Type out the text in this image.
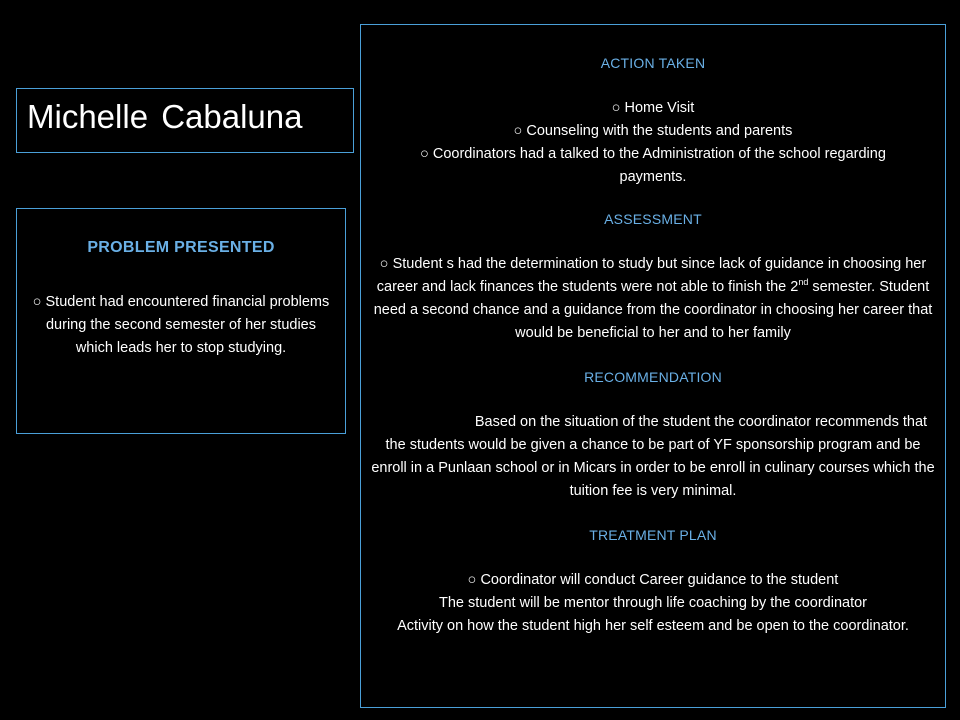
Michelle Cabaluna
PROBLEM PRESENTED
○ Student had encountered financial problems during the second semester of her studies which leads her to stop studying.
ACTION TAKEN
○ Home Visit
○ Counseling with the students and parents
○ Coordinators had a talked to the Administration of the school regarding payments.
ASSESSMENT
○ Student s had the determination to study but since lack of guidance in choosing her career and lack finances the students were not able to finish the 2nd semester. Student need a second chance and a guidance from the coordinator in choosing her career that would be beneficial to her and to her family
RECOMMENDATION
Based on the situation of the student the coordinator recommends that the students would be given a chance to be part of YF sponsorship program and be enroll in a Punlaan school or in Micars in order to be enroll in culinary courses which the tuition fee is very minimal.
TREATMENT PLAN
○ Coordinator will conduct Career guidance to the student
The student will be mentor through life coaching by the coordinator
Activity on how the student high her self esteem and be open to the coordinator.
